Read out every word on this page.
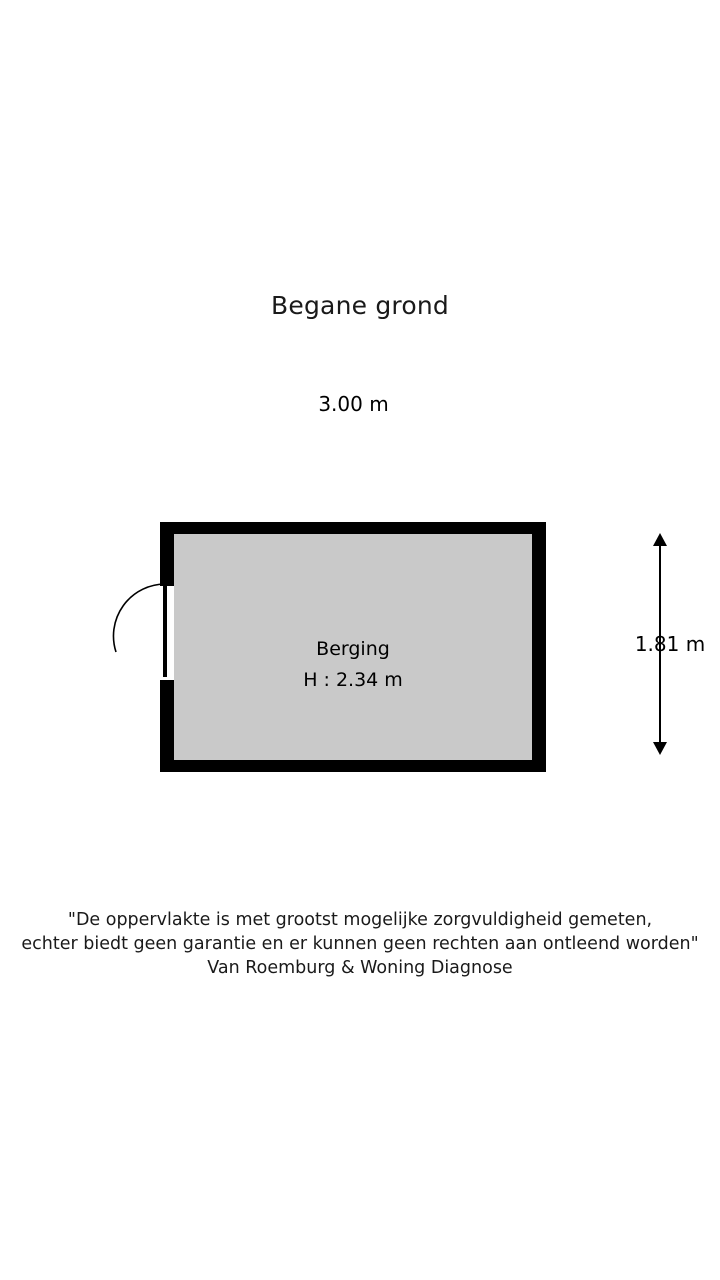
Begane grond
3.00 m
1.81 m
Berging
H : 2.34 m
"De oppervlakte is met grootst mogelijke zorgvuldigheid gemeten,
echter biedt geen garantie en er kunnen geen rechten aan ontleend worden"
Van Roemburg & Woning Diagnose
